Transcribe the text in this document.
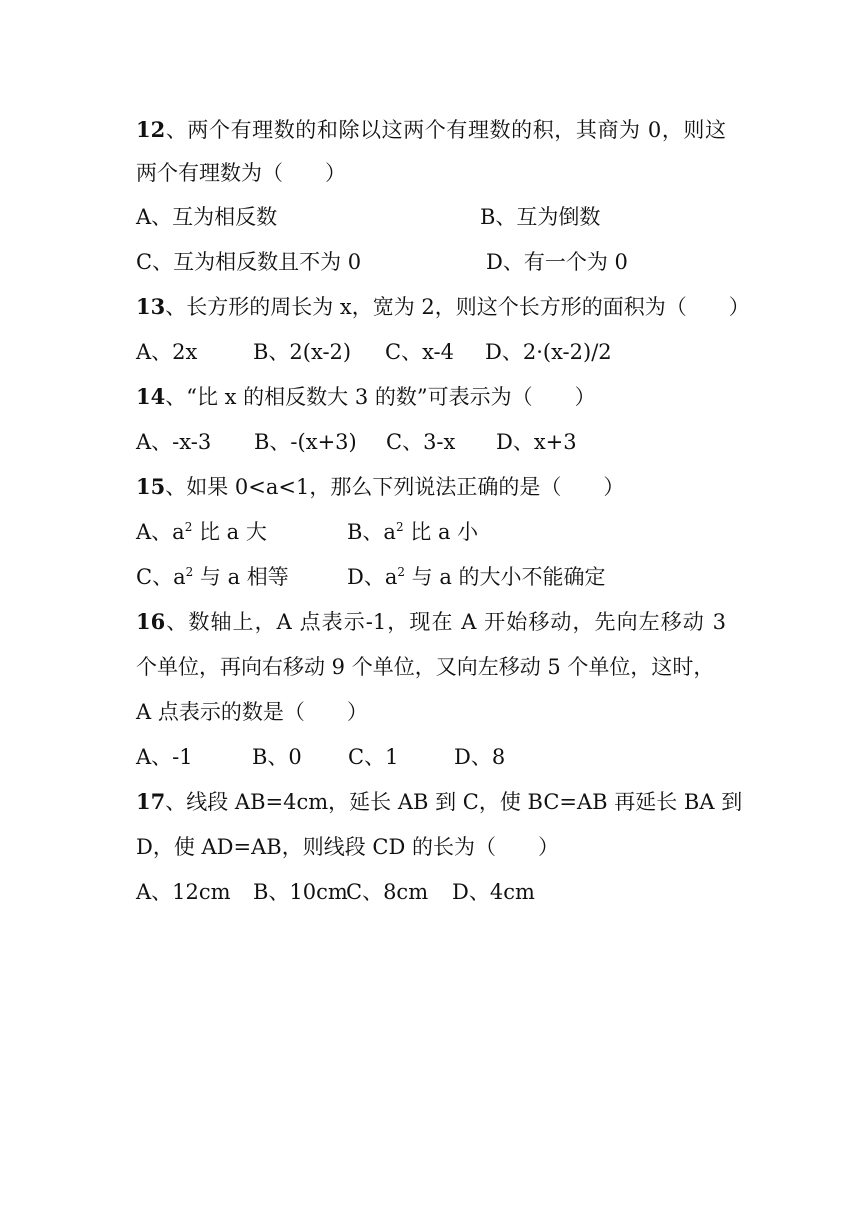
12、两个有理数的和除以这两个有理数的积，其商为 0，则这
两个有理数为（　　）
A、互为相反数	B、互为倒数
C、互为相反数且不为 0	D、有一个为 0
13、长方形的周长为 x，宽为 2，则这个长方形的面积为（　　）
A、2x	B、2(x-2) C、x-4 D、2·(x-2)/2
14、“比 x 的相反数大 3 的数”可表示为（　　）
A、-x-3 B、-(x+3) C、3-x D、x+3
15、如果 0<a<1，那么下列说法正确的是（　　）
A、$a^2$ 比 a 大	B、$a^2$ 比 a 小
C、$a^2$ 与 a 相等	D、$a^2$ 与 a 的大小不能确定
16、数轴上，A 点表示-1，现在 A 开始移动，先向左移动 3
个单位，再向右移动 9 个单位，又向左移动 5 个单位，这时，
A 点表示的数是（　　）
A、-1	B、0 C、1	D、8
17、线段 AB=4cm，延长 AB 到 C，使 BC=AB 再延长 BA 到
D，使 AD=AB，则线段 CD 的长为（　　）
A、12cm B、10cm
C、8cm D、4cm
